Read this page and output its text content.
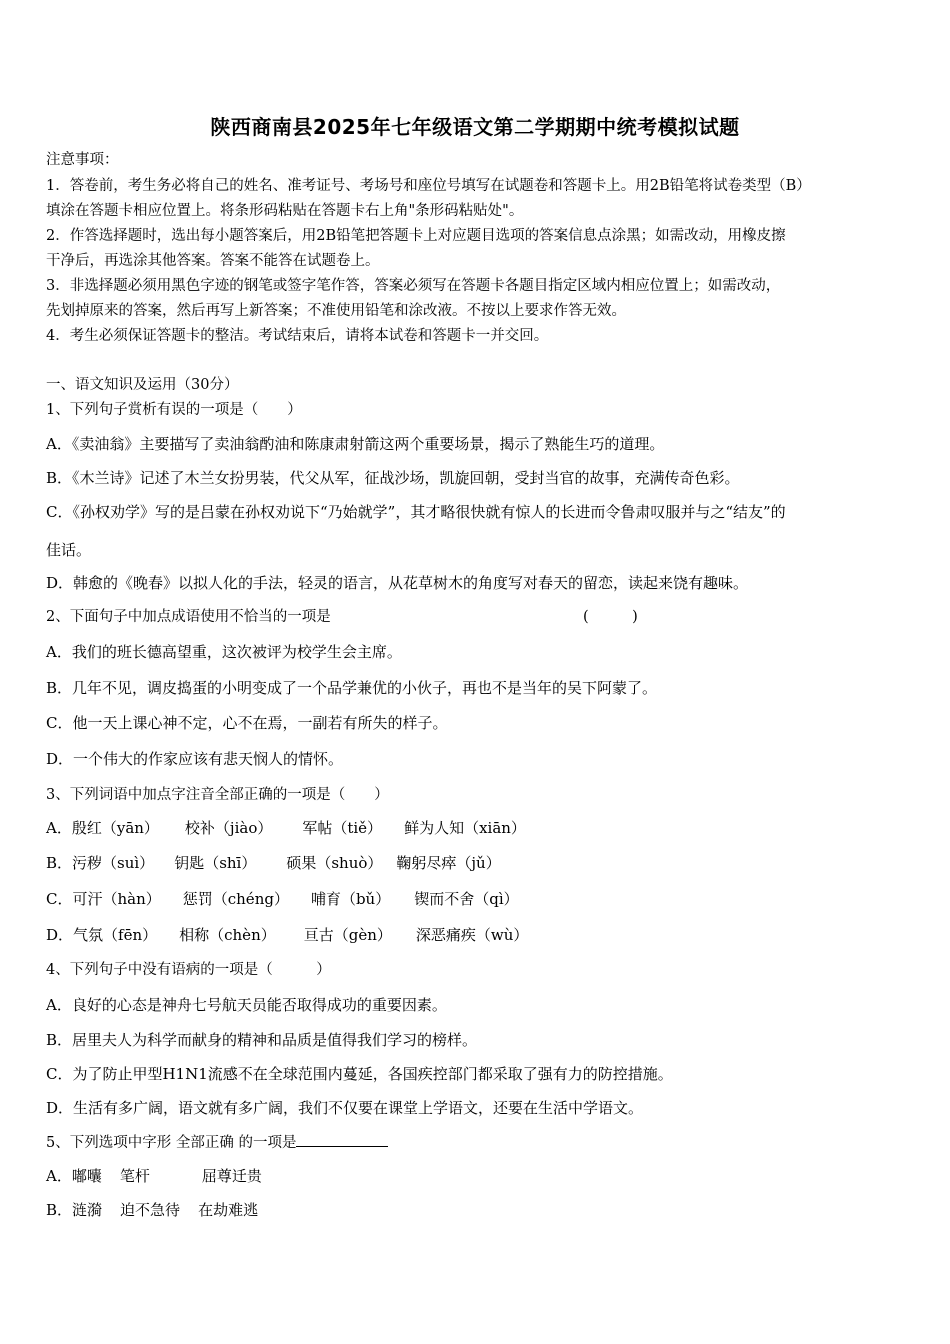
陕西商南县2025年七年级语文第二学期期中统考模拟试题
注意事项：
1．答卷前，考生务必将自己的姓名、准考证号、考场号和座位号填写在试题卷和答题卡上。用2B铅笔将试卷类型（B）
填涂在答题卡相应位置上。将条形码粘贴在答题卡右上角"条形码粘贴处"。
2．作答选择题时，选出每小题答案后，用2B铅笔把答题卡上对应题目选项的答案信息点涂黑；如需改动，用橡皮擦
干净后，再选涂其他答案。答案不能答在试题卷上。
3．非选择题必须用黑色字迹的钢笔或签字笔作答，答案必须写在答题卡各题目指定区域内相应位置上；如需改动，
先划掉原来的答案，然后再写上新答案；不准使用铅笔和涂改液。不按以上要求作答无效。
4．考生必须保证答题卡的整洁。考试结束后，请将本试卷和答题卡一并交回。
一、语文知识及运用（30分）
1、下列句子赏析有误的一项是（　　）
A．《卖油翁》主要描写了卖油翁酌油和陈康肃射箭这两个重要场景，揭示了熟能生巧的道理。
B．《木兰诗》记述了木兰女扮男装，代父从军，征战沙场，凯旋回朝，受封当官的故事，充满传奇色彩。
C．《孙权劝学》写的是吕蒙在孙权劝说下“乃始就学”，其才略很快就有惊人的长进而令鲁肃叹服并与之“结友”的
佳话。
D．韩愈的《晚春》以拟人化的手法，轻灵的语言，从花草树木的角度写对春天的留恋，读起来饶有趣味。
2、下面句子中加点成语使用不恰当的一项是	(　　　)
A．我们的班长德高望重，这次被评为校学生会主席。
B．几年不见，调皮捣蛋的小明变成了一个品学兼优的小伙子，再也不是当年的吴下阿蒙了。
C．他一天上课心神不定，心不在焉，一副若有所失的样子。
D．一个伟大的作家应该有悲天悯人的情怀。
3、下列词语中加点字注音全部正确的一项是（　　）
A．殷红（yān） 校补（jiào） 军帖（tiě） 鲜为人知（xiān）
B．污秽（suì） 钥匙（shī） 硕果（shuò） 鞠躬尽瘁（jǔ）
C．可汗（hàn） 惩罚（chéng） 哺育（bǔ） 锲而不舍（qì）
D．气氛（fēn） 相称（chèn） 亘古（gèn） 深恶痛疾（wù）
4、下列句子中没有语病的一项是（　　　）
A．良好的心态是神舟七号航天员能否取得成功的重要因素。
B．居里夫人为科学而献身的精神和品质是值得我们学习的榜样。
C．为了防止甲型H1N1流感不在全球范围内蔓延，各国疾控部门都采取了强有力的防控措施。
D．生活有多广阔，语文就有多广阔，我们不仅要在课堂上学语文，还要在生活中学语文。
5、下列选项中字形 全部正确 的一项是
A．嘟囔 笔杆	屈尊迁贵
B．涟漪 迫不急待 在劫难逃
